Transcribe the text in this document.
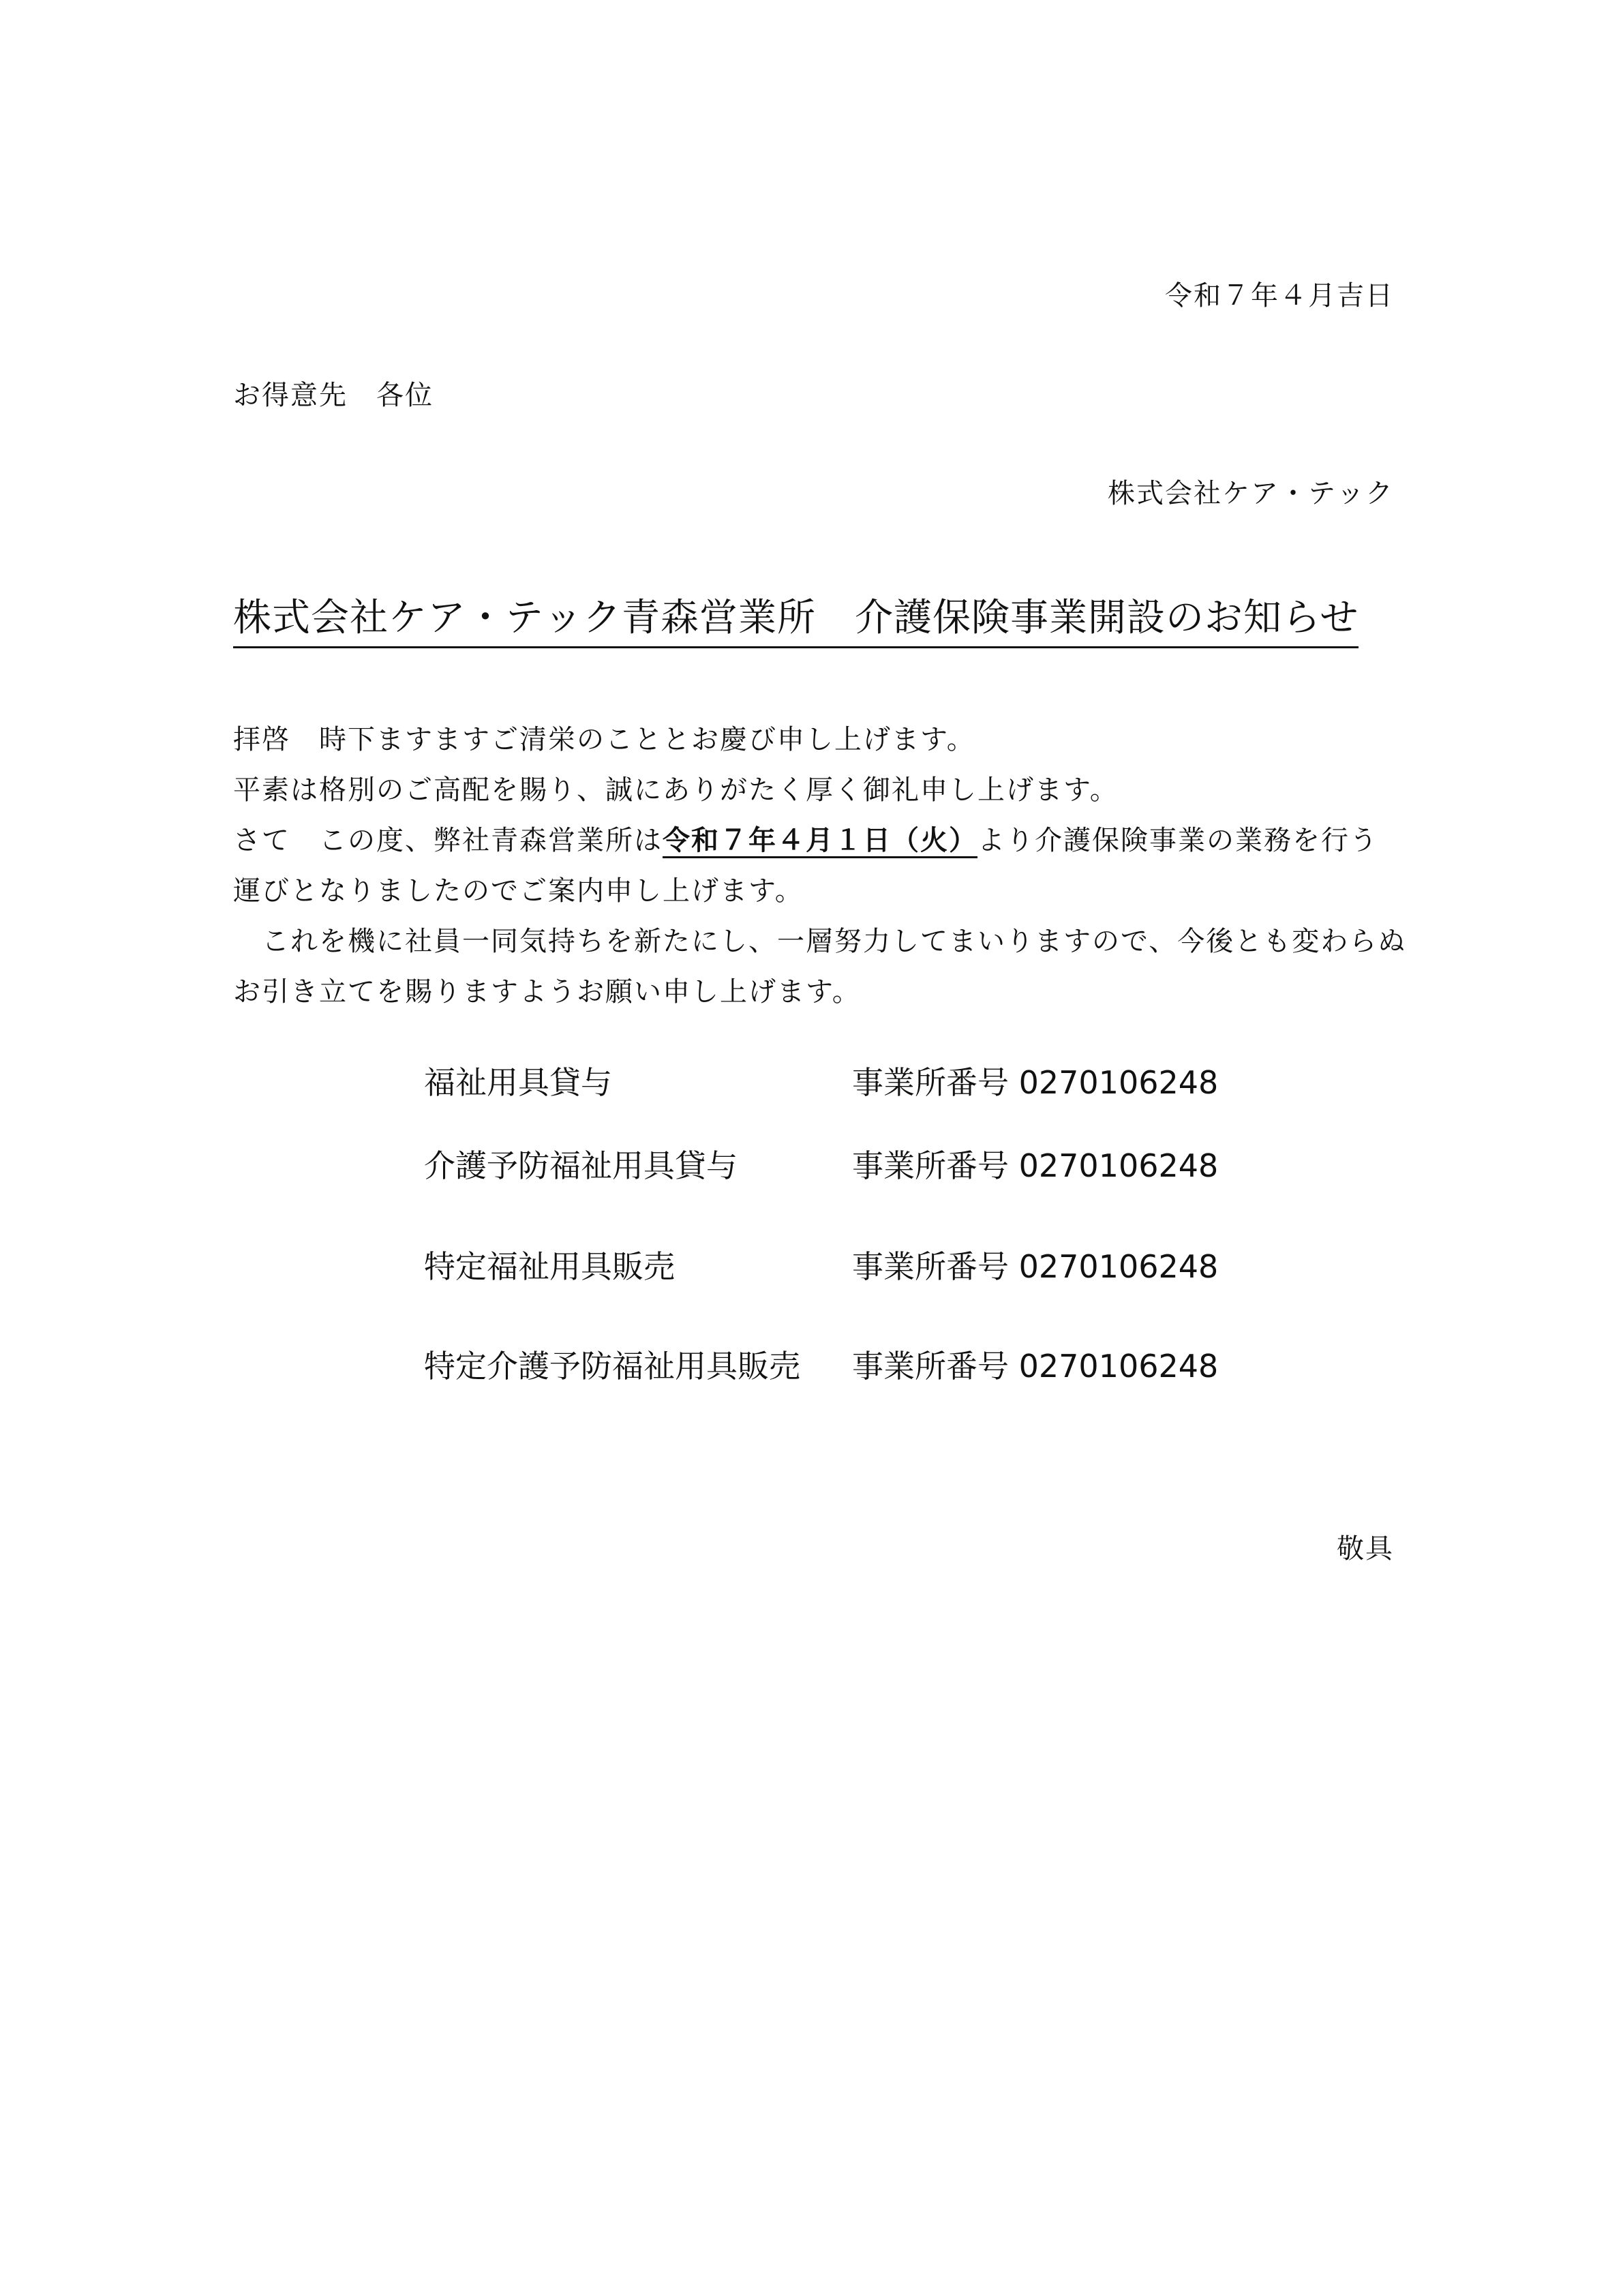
令和７年４月吉日
お得意先　各位
株式会社ケア・テック
株式会社ケア・テック青森営業所　介護保険事業開設のお知らせ

拝啓　時下ますますご清栄のこととお慶び申し上げます。

平素は格別のご高配を賜り、誠にありがたく厚く御礼申し上げます。

さて　この度、弊社青森営業所は令和７年４月１日（火）より介護保険事業の業務を行う

運びとなりましたのでご案内申し上げます。

　これを機に社員一同気持ちを新たにし、一層努力してまいりますので、今後とも変わらぬ

お引き立てを賜りますようお願い申し上げます。

福祉用具貸与	事業所番号 0270106248
介護予防福祉用具貸与	事業所番号 0270106248
特定福祉用具販売	事業所番号 0270106248
特定介護予防福祉用具販売 事業所番号 0270106248
敬具
